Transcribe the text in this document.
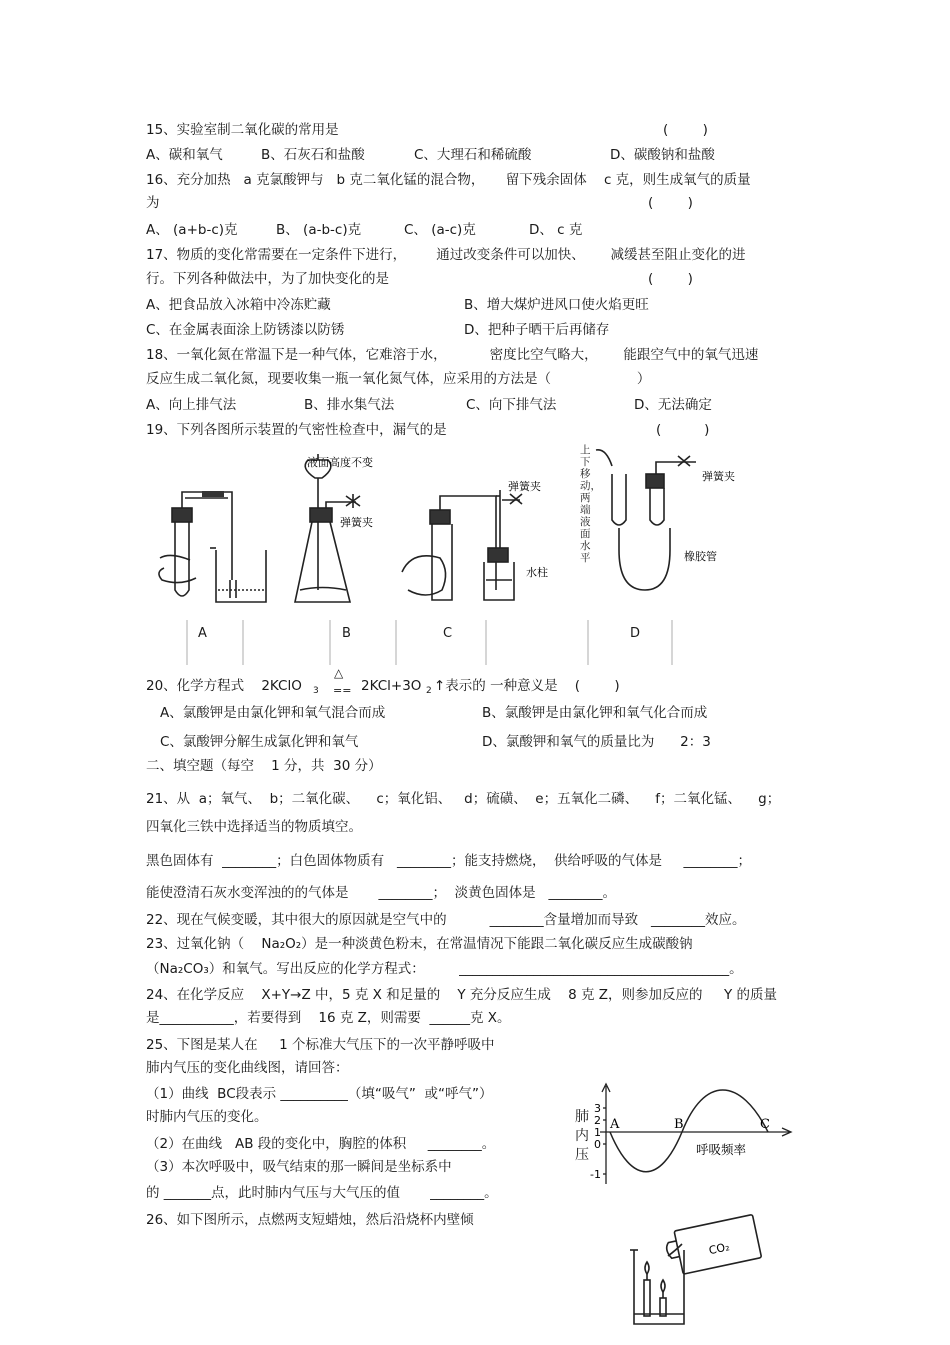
15、实验室制二氧化碳的常用是	(        )
A、碳和氧气	B、石灰石和盐酸	C、大理石和稀硫酸	D、碳酸钠和盐酸
16、充分加热   a 克氯酸钾与   b 克二氧化锰的混合物，     留下残余固体    c 克，则生成氧气的质量
为	(        )
A、 (a+b-c)克	B、 (a-b-c)克	C、 (a-c)克	D、 c 克
17、物质的变化常需要在一定条件下进行，       通过改变条件可以加快、      减缓甚至阻止变化的进
行。下列各种做法中，为了加快变化的是	(        )
A、把食品放入冰箱中冷冻贮藏	B、增大煤炉进风口使火焰更旺
C、在金属表面涂上防锈漆以防锈	D、把种子晒干后再储存
18、一氧化氮在常温下是一种气体，它难溶于水，          密度比空气略大，      能跟空气中的氧气迅速
反应生成二氧化氮，现要收集一瓶一氧化氮气体，应采用的方法是（                    ）
A、向上排气法	B、排水集气法	C、向下排气法	D、无法确定
19、下列各图所示装置的气密性检查中，漏气的是	(          )
液面高度不变
弹簧夹
弹簧夹
水柱
弹簧夹
橡胶管
上下移动，两端液面水平
A	B	C	D
20、化学方程式    2KClO 3
△
== 2KCl+3O 2 ↑表示的 一种意义是    (        )
A、氯酸钾是由氯化钾和氧气混合而成	B、氯酸钾是由氯化钾和氧气化合而成
C、氯酸钾分解生成氯化钾和氧气	D、氯酸钾和氧气的质量比为      2：3
二、填空题（每空    1 分，共  30 分）
21、从  a；氧气、  b；二氧化碳、    c；氧化铝、   d；硫磺、  e；五氧化二磷、    f；二氧化锰、    g；
四氧化三铁中选择适当的物质填空。
黑色固体有  ________；白色固体物质有   ________；能支持燃烧，  供给呼吸的气体是     ________；
能使澄清石灰水变浑浊的的气体是       ________；  淡黄色固体是   ________。
22、现在气候变暖，其中很大的原因就是空气中的          ________含量增加而导致   ________效应。
23、过氧化钠（    Na₂O₂）是一种淡黄色粉末，在常温情况下能跟二氧化碳反应生成碳酸钠
（Na₂CO₃）和氧气。写出反应的化学方程式：        ________________________________________。
24、在化学反应    X+Y→Z 中，5 克 X 和足量的    Y 充分反应生成    8 克 Z，则参加反应的     Y 的质量
是___________，若要得到    16 克 Z，则需要  ______克 X。
25、下图是某人在     1 个标准大气压下的一次平静呼吸中
肺内气压的变化曲线图，请回答：
（1）曲线  BC段表示 __________（填“吸气”  或“呼气”）
时肺内气压的变化。
（2）在曲线   AB 段的变化中，胸腔的体积     ________。
（3）本次呼吸中，吸气结束的那一瞬间是坐标系中
的 _______点，此时肺内气压与大气压的值       ________。
3
2
1
0
-1
A	B	C
呼吸频率
肺内压
26、如下图所示，点燃两支短蜡烛，然后沿烧杯内壁倾
CO₂
